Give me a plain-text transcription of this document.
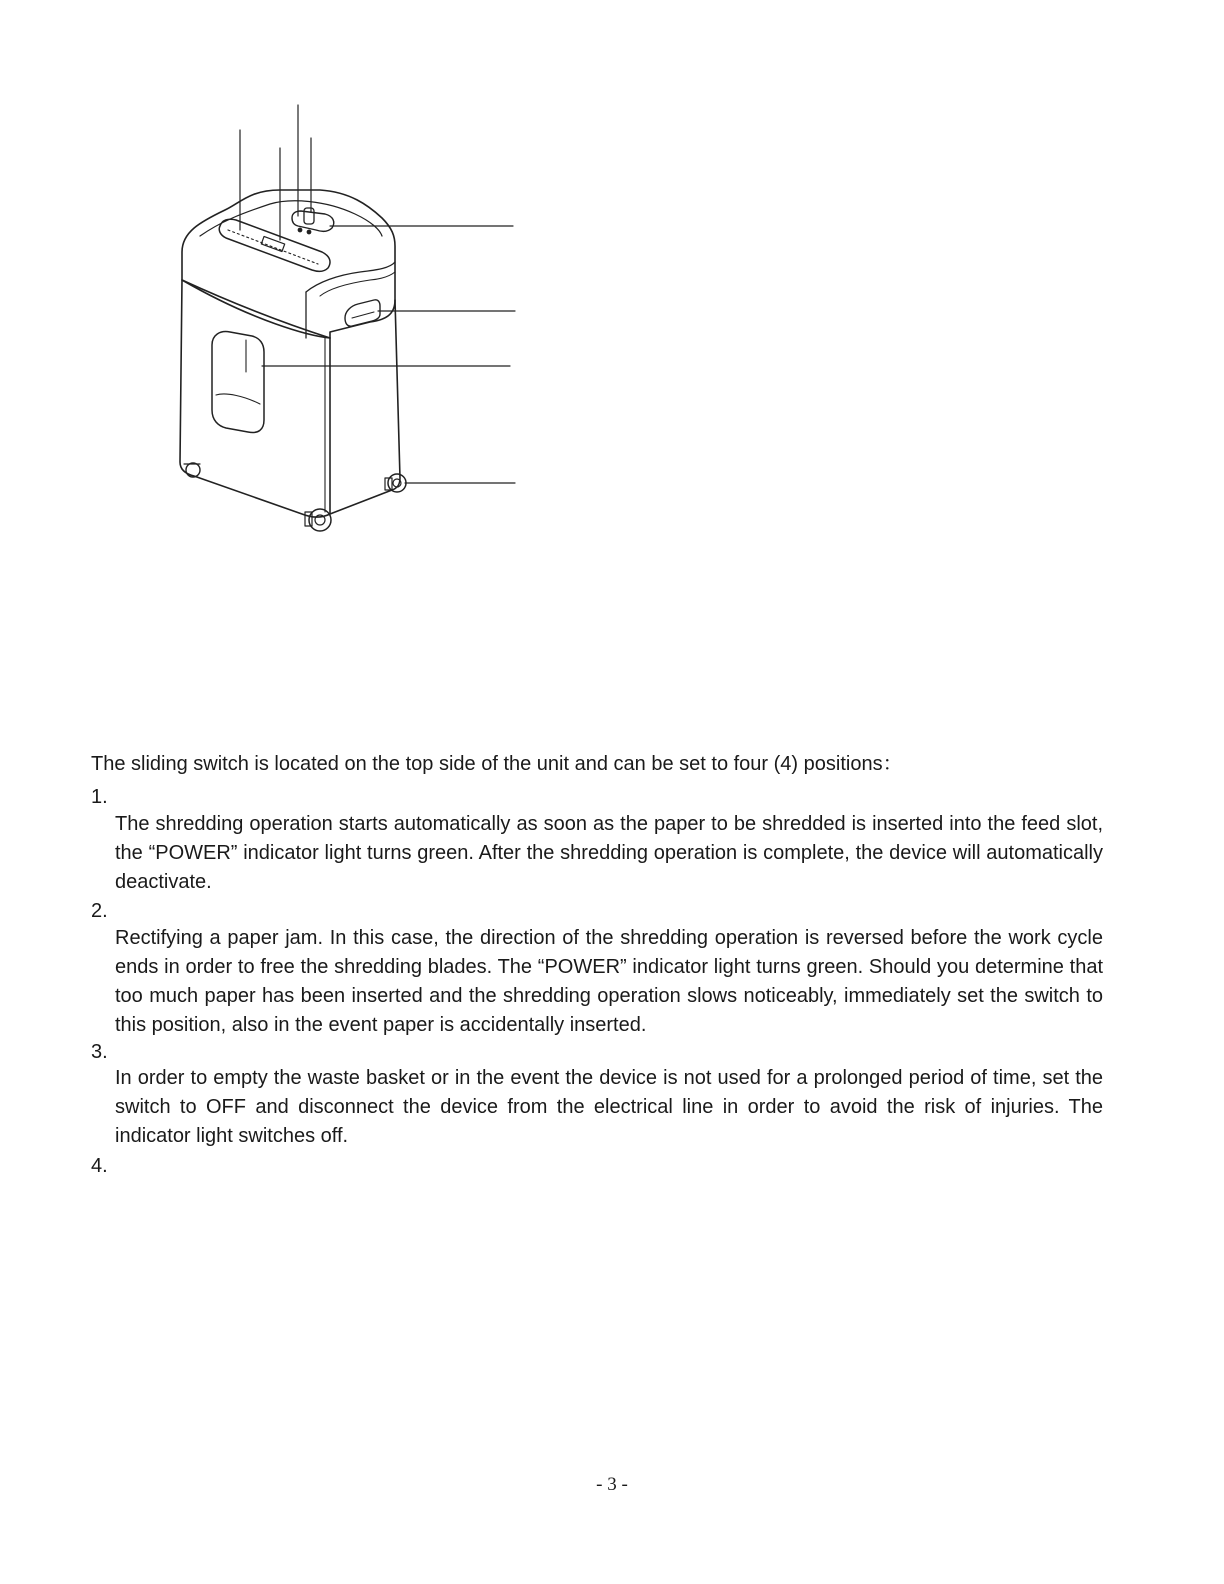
The sliding switch is located on the top side of the unit and can be set to four (4) positions：

1.

The shredding operation starts automatically as soon as the paper to be shredded is inserted into the feed slot, the “POWER” indicator light turns green. After the shredding operation is complete, the device will automatically deactivate.

2.

Rectifying a paper jam. In this case, the direction of the shredding operation is reversed before the work cycle ends in order to free the shredding blades. The “POWER” indicator light turns green. Should you determine that too much paper has been inserted and the shredding operation slows noticeably, immediately set the switch to this position, also in the event paper is accidentally inserted.

3.

In order to empty the waste basket or in the event the device is not used for a prolonged period of time, set the switch to OFF and disconnect the device from the electrical line in order to avoid the risk of injuries. The indicator light switches off.

4.

- 3 -
